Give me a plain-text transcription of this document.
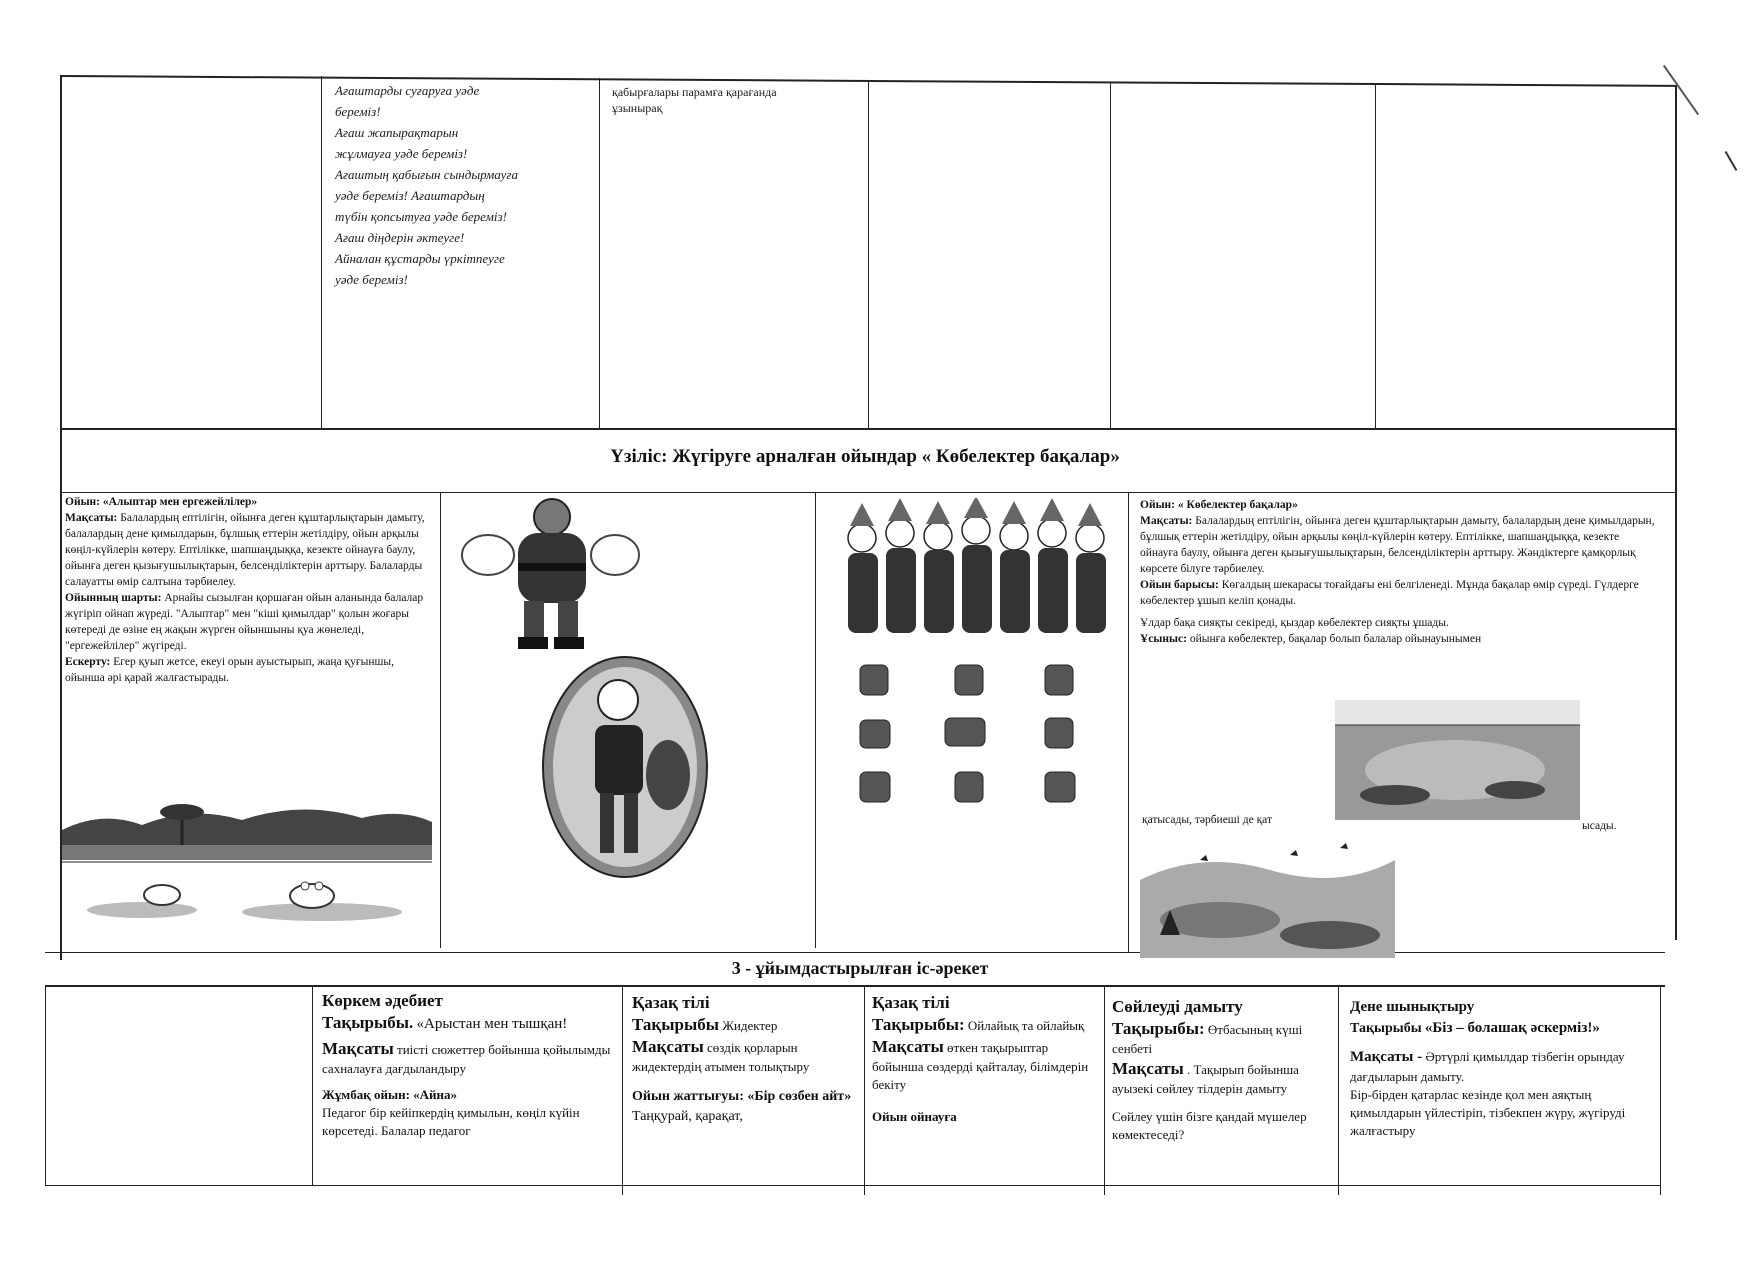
Ағаштарды суғаруға уәде

береміз!

Ағаш жапырақтарын

жұлмауға уәде береміз!

Ағаштың қабығын сындырмауға

уәде береміз! Ағаштардың

түбін қопсытуға уәде береміз!

Ағаш діңдерін әктеуге!

Айналан құстарды үркітпеуге

уәде береміз!

қабырғалары парамға қарағанда

ұзынырақ

Үзіліс: Жүгіруге арналған ойындар « Көбелектер бақалар»
Ойын: «Алыптар мен ергежейлілер»
Мақсаты: Балалардың ептілігін, ойынға деген құштарлықтарын дамыту, балалардың дене қимылдарын, бұлшық еттерін жетілдіру, ойын арқылы көңіл-күйлерін көтеру. Ептілікке, шапшаңдыққа, кезекте ойнауға баулу, ойынға деген қызығушылықтарын, белсенділіктерін арттыру. Балаларды салауатты өмір салтына тәрбиелеу.
Ойынның шарты: Арнайы сызылған қоршаған ойын аланында балалар жүгіріп ойнап жүреді. "Алыптар" мен "кіші қимылдар" қолын жоғары көтереді де өзіне ең жақын жүрген ойыншыны қуа жөнеледі, "ергежейлілер" жүгіреді.
Ескерту: Егер қуып жетсе, екеуі орын ауыстырып, жаңа қуғыншы, ойынша әрі қарай жалғастырады.
Ойын: « Көбелектер бақалар»
Мақсаты: Балалардың ептілігін, ойынға деген құштарлықтарын дамыту, балалардың дене қимылдарын, бұлшық еттерін жетілдіру, ойын арқылы көңіл-күйлерін көтеру. Ептілікке, шапшаңдыққа, кезекте ойнауға баулу, ойынға деген қызығушылықтарын, белсенділіктерін арттыру. Жәндіктерге қамқорлық көрсете білуге тәрбиелеу.
Ойын барысы: Көгалдың шекарасы тоғайдағы ені белгіленеді. Мұнда бақалар өмір сүреді. Гүлдерге көбелектер ұшып келіп қонады.
Ұлдар бақа сияқты секіреді, қыздар көбелектер сияқты ұшады.
Ұсыныс: ойынға көбелектер, бақалар болып балалар ойынауынымен
қатысады, тәрбиеші де қат	ысады.
3 - ұйымдастырылған іс-әрекет
Көркем әдебиет
Тақырыбы. «Арыстан мен тышқан!
Мақсаты тиісті сюжеттер бойынша қойылымды сахналауға дағдыландыру
Жұмбақ ойын: «Айна»
Педагог бір кейіпкердің қимылын, көңіл күйін көрсетеді. Балалар педагог
Қазақ тілі
Тақырыбы Жидектер
Мақсаты сөздік қорларын жидектердің атымен толықтыру
Ойын жаттығуы: «Бір сөзбен айт»
Таңқурай, қарақат,
Қазақ тілі
Тақырыбы: Ойлайық та ойлайық
Мақсаты өткен тақырыптар бойынша сөздерді қайталау, білімдерін бекіту
Ойын ойнауға
Сөйлеуді дамыту
Тақырыбы: Өтбасының күші сенбеті
Мақсаты . Тақырып бойынша ауызекі сөйлеу тілдерін дамыту
Сөйлеу үшін бізге қандай мүшелер көмектеседі?
Дене шынықтыру
Тақырыбы «Біз – болашақ әскерміз!»
Мақсаты - Әртүрлі қимылдар тізбегін орындау дағдыларын дамыту.
Бір-бірден қатарлас кезінде қол мен аяқтың қимылдарын үйлестіріп, тізбекпен жүру, жүгіруді жалғастыру
